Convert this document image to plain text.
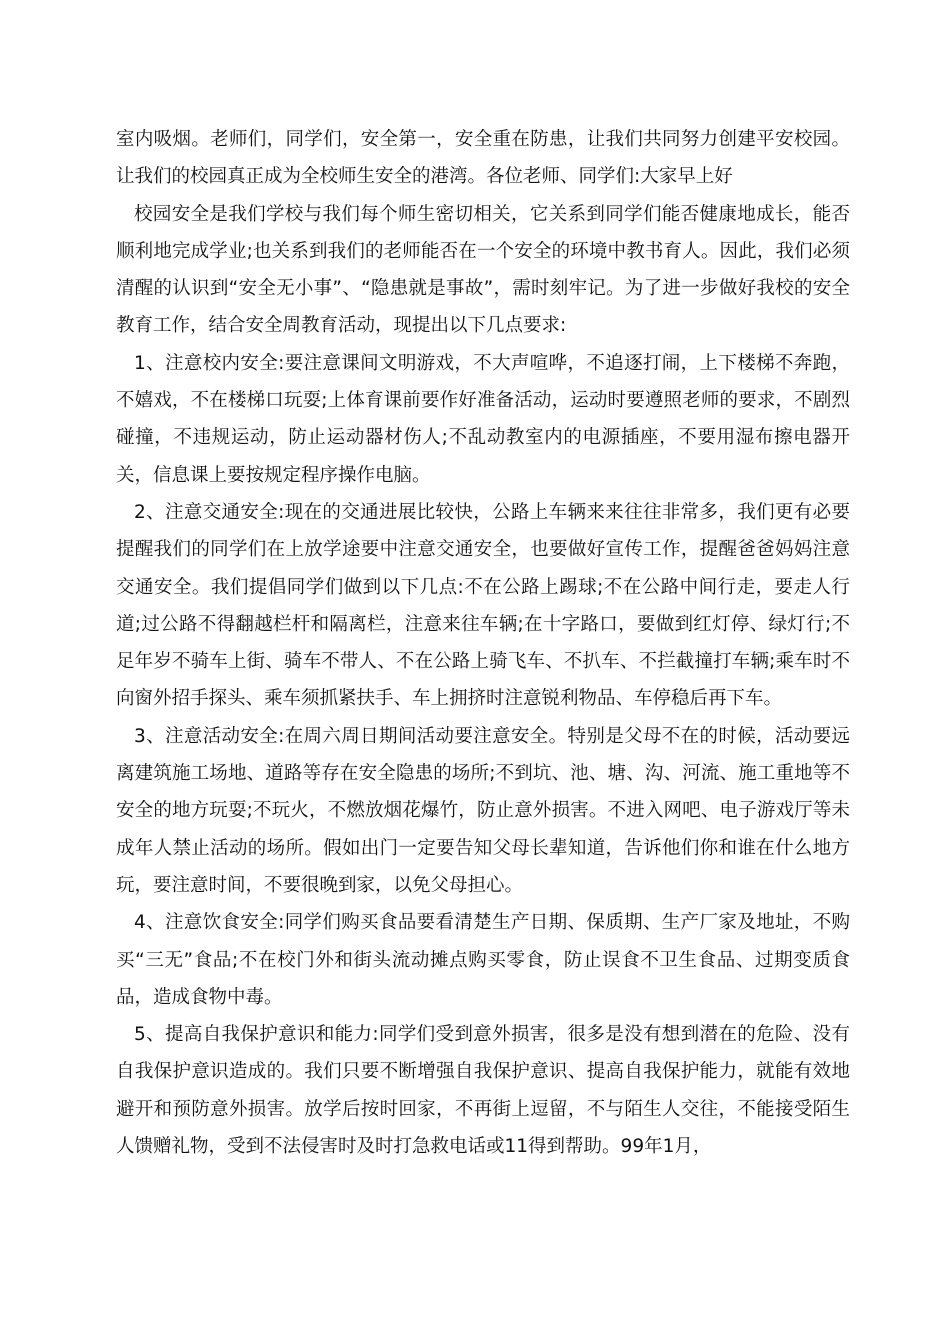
室内吸烟。老师们，同学们，安全第一，安全重在防患，让我们共同努力创建平安校园。让我们的校园真正成为全校师生安全的港湾。各位老师、同学们:大家早上好

校园安全是我们学校与我们每个师生密切相关，它关系到同学们能否健康地成长，能否顺利地完成学业;也关系到我们的老师能否在一个安全的环境中教书育人。因此，我们必须清醒的认识到“安全无小事”、“隐患就是事故”，需时刻牢记。为了进一步做好我校的安全教育工作，结合安全周教育活动，现提出以下几点要求:

1、注意校内安全:要注意课间文明游戏，不大声喧哗，不追逐打闹，上下楼梯不奔跑，不嬉戏，不在楼梯口玩耍;上体育课前要作好准备活动，运动时要遵照老师的要求，不剧烈碰撞，不违规运动，防止运动器材伤人;不乱动教室内的电源插座，不要用湿布擦电器开关，信息课上要按规定程序操作电脑。

2、注意交通安全:现在的交通进展比较快，公路上车辆来来往往非常多，我们更有必要提醒我们的同学们在上放学途要中注意交通安全，也要做好宣传工作，提醒爸爸妈妈注意交通安全。我们提倡同学们做到以下几点:不在公路上踢球;不在公路中间行走，要走人行道;过公路不得翻越栏杆和隔离栏，注意来往车辆;在十字路口，要做到红灯停、绿灯行;不足年岁不骑车上街、骑车不带人、不在公路上骑飞车、不扒车、不拦截撞打车辆;乘车时不向窗外招手探头、乘车须抓紧扶手、车上拥挤时注意锐利物品、车停稳后再下车。

3、注意活动安全:在周六周日期间活动要注意安全。特别是父母不在的时候，活动要远离建筑施工场地、道路等存在安全隐患的场所;不到坑、池、塘、沟、河流、施工重地等不安全的地方玩耍;不玩火，不燃放烟花爆竹，防止意外损害。不进入网吧、电子游戏厅等未成年人禁止活动的场所。假如出门一定要告知父母长辈知道，告诉他们你和谁在什么地方玩，要注意时间，不要很晚到家，以免父母担心。

4、注意饮食安全:同学们购买食品要看清楚生产日期、保质期、生产厂家及地址，不购买“三无”食品;不在校门外和街头流动摊点购买零食，防止误食不卫生食品、过期变质食品，造成食物中毒。

5、提高自我保护意识和能力:同学们受到意外损害，很多是没有想到潜在的危险、没有自我保护意识造成的。我们只要不断增强自我保护意识、提高自我保护能力，就能有效地避开和预防意外损害。放学后按时回家，不再街上逗留，不与陌生人交往，不能接受陌生人馈赠礼物，受到不法侵害时及时打急救电话或11得到帮助。99年1月，
